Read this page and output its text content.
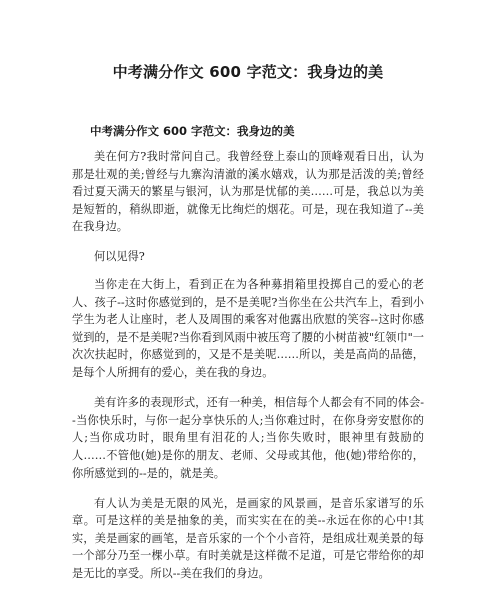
中考满分作文 600 字范文：我身边的美
中考满分作文 600 字范文：我身边的美

美在何方?我时常问自己。我曾经登上泰山的顶峰观看日出，认为那是壮观的美;曾经与九寨沟清澈的溪水嬉戏，认为那是活泼的美;曾经看过夏天满天的繁星与银河，认为那是忧郁的美……可是，我总以为美是短暂的，稍纵即逝，就像无比绚烂的烟花。可是，现在我知道了--美在我身边。

何以见得?

当你走在大街上，看到正在为各种募捐箱里投掷自己的爱心的老人、孩子--这时你感觉到的，是不是美呢?当你坐在公共汽车上，看到小学生为老人让座时，老人及周围的乘客对他露出欣慰的笑容--这时你感觉到的，是不是美呢?当你看到风雨中被压弯了腰的小树苗被"红领巾"一次次扶起时，你感觉到的，又是不是美呢……所以，美是高尚的品德，是每个人所拥有的爱心，美在我的身边。

美有许多的表现形式，还有一种美，相信每个人都会有不同的体会--当你快乐时，与你一起分享快乐的人;当你难过时，在你身旁安慰你的人;当你成功时，眼角里有泪花的人;当你失败时，眼神里有鼓励的人……不管他(她)是你的朋友、老师、父母或其他，他(她)带给你的，你所感觉到的--是的，就是美。

有人认为美是无限的风光，是画家的风景画，是音乐家谱写的乐章。可是这样的美是抽象的美，而实实在在的美--永远在你的心中!其实，美是画家的画笔，是音乐家的一个个小音符，是组成壮观美景的每一个部分乃至一棵小草。有时美就是这样微不足道，可是它带给你的却是无比的享受。所以--美在我们的身边。
